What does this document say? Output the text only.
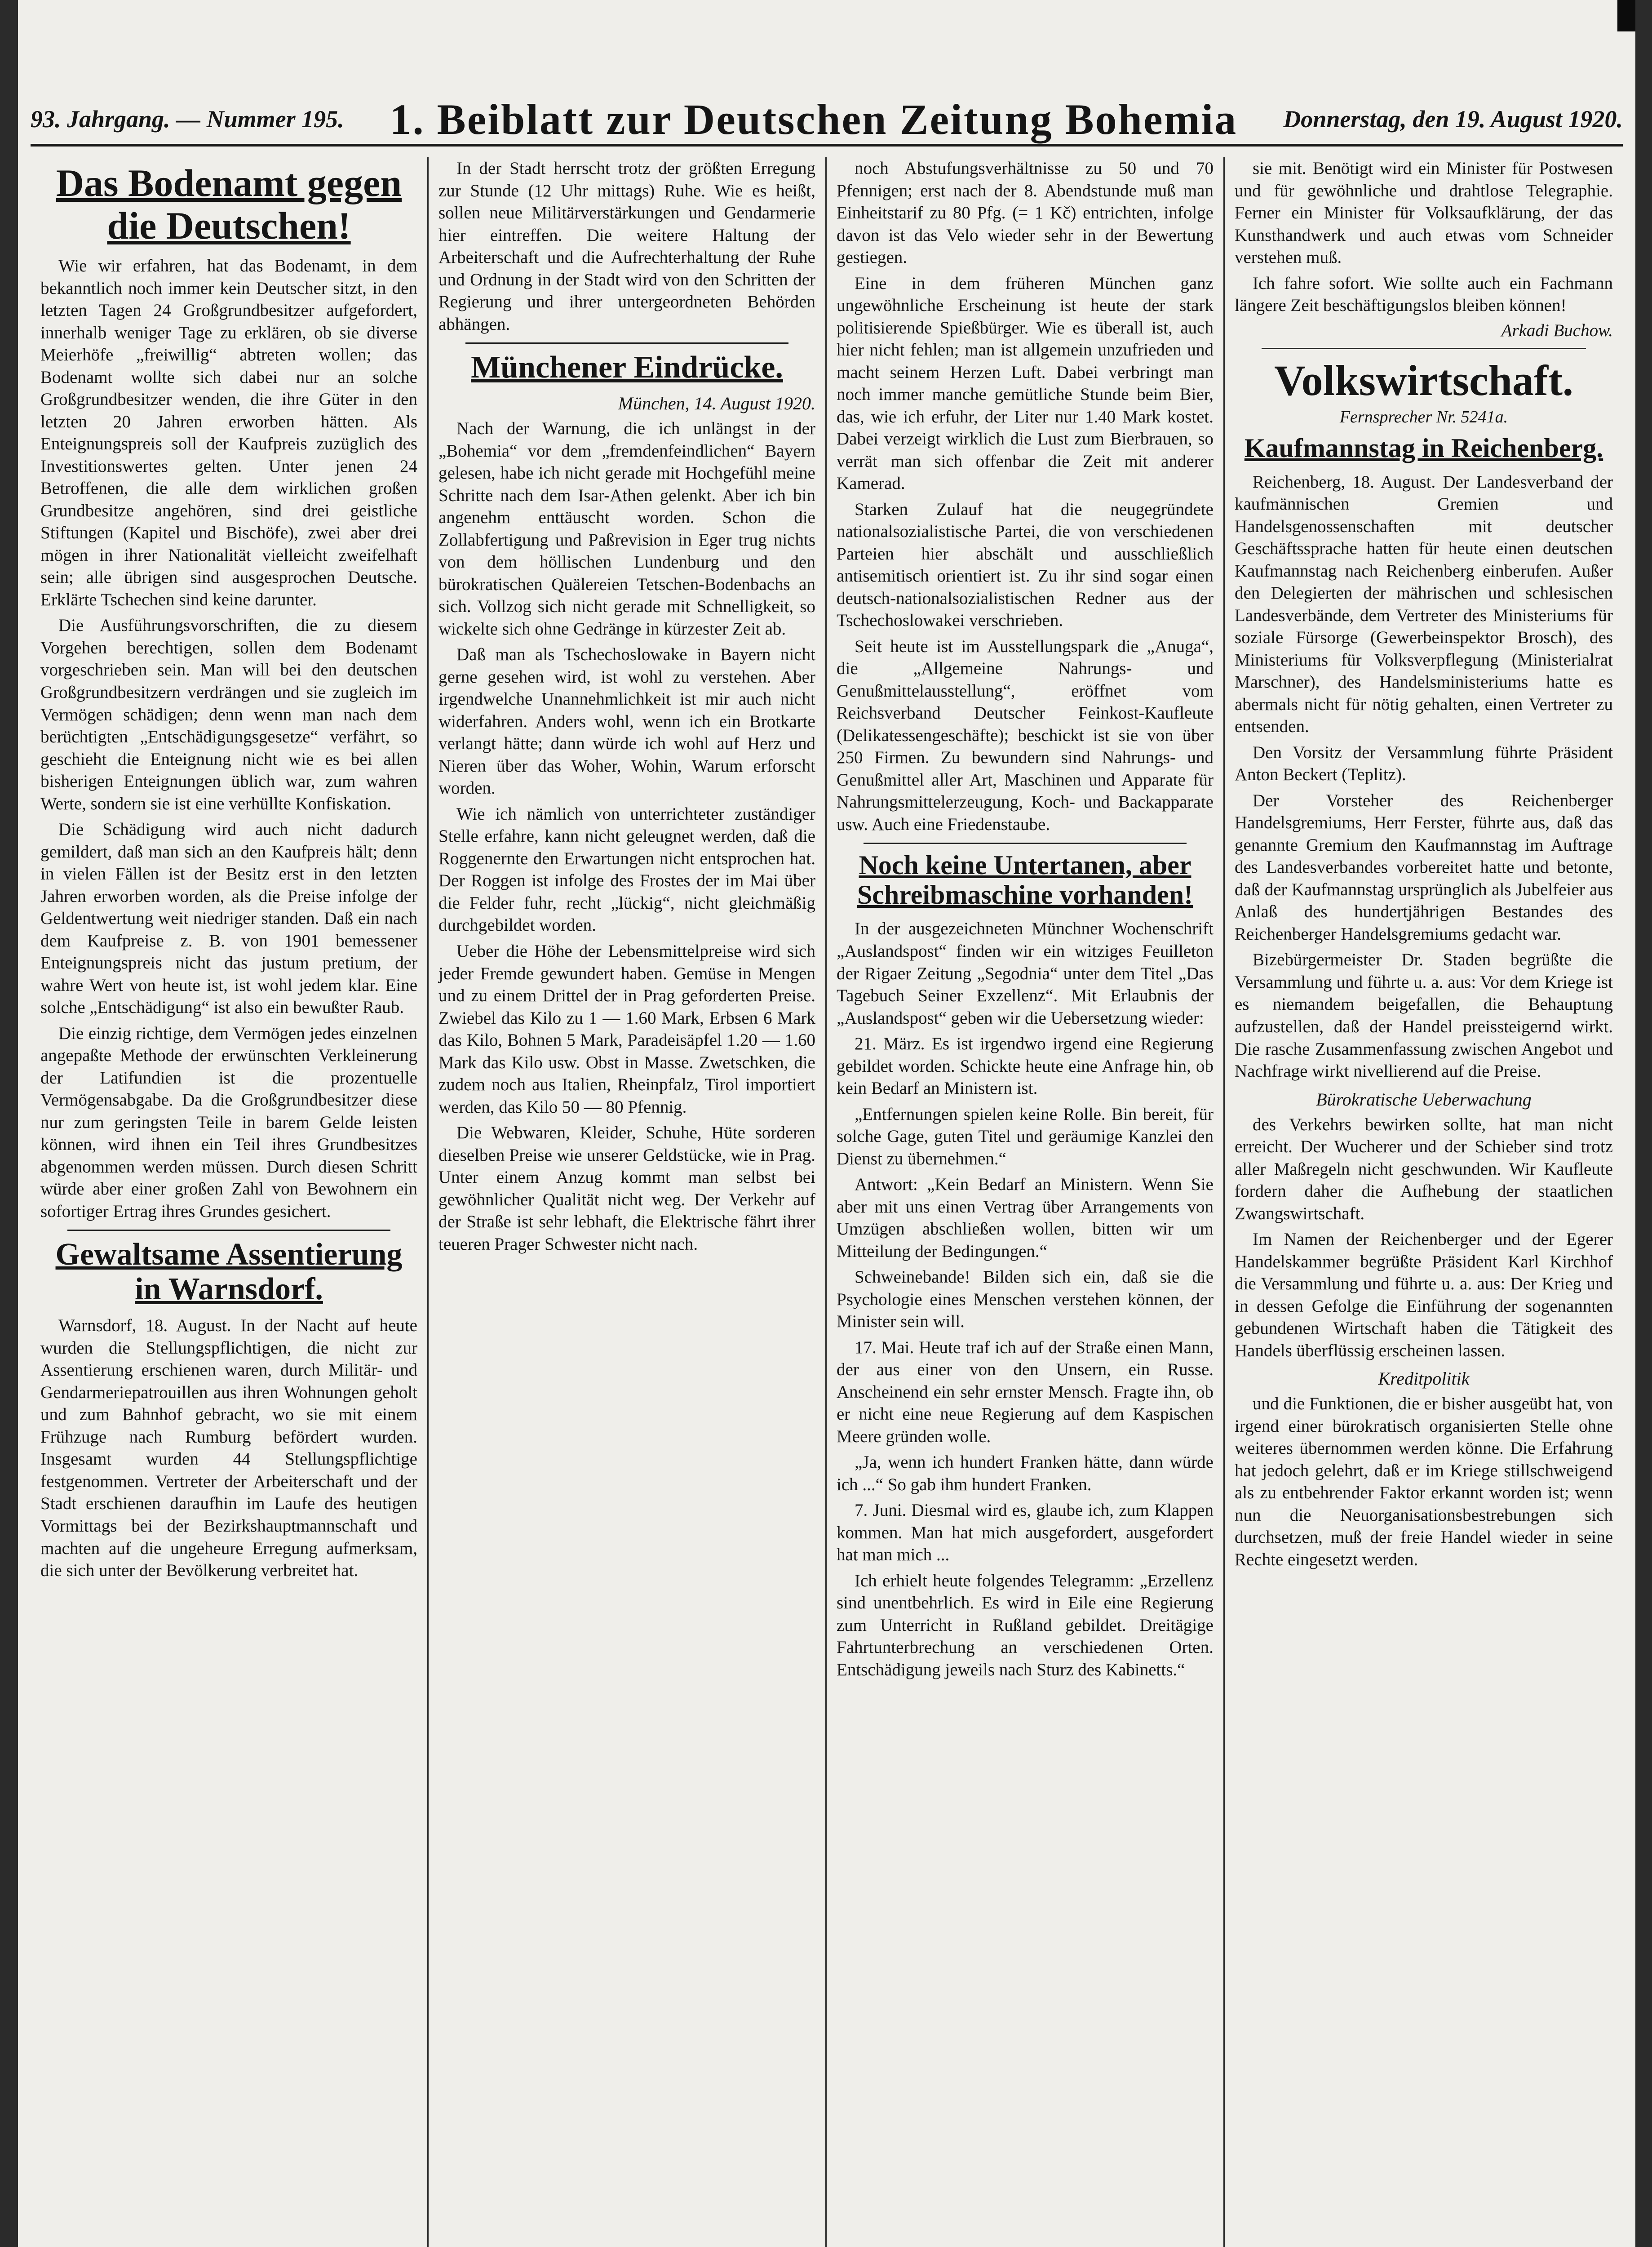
93. Jahrgang. — Nummer 195. 1. Beiblatt zur Deutschen Zeitung Bohemia Donnerstag, den 19. August 1920.
Das Bodenamt gegen die Deutschen!

Wie wir erfahren, hat das Bodenamt, in dem bekanntlich noch immer kein Deutscher sitzt, in den letzten Tagen 24 Großgrundbesitzer aufgefordert, innerhalb weniger Tage zu erklären, ob sie diverse Meierhöfe „freiwillig“ abtreten wollen; das Bodenamt wollte sich dabei nur an solche Großgrundbesitzer wenden, die ihre Güter in den letzten 20 Jahren erworben hätten. Als Enteignungspreis soll der Kaufpreis zuzüglich des Investitionswertes gelten. Unter jenen 24 Betroffenen, die alle dem wirklichen großen Grundbesitze angehören, sind drei geistliche Stiftungen (Kapitel und Bischöfe), zwei aber drei mögen in ihrer Nationalität vielleicht zweifelhaft sein; alle übrigen sind ausgesprochen Deutsche. Erklärte Tschechen sind keine darunter.

Die Ausführungsvorschriften, die zu diesem Vorgehen berechtigen, sollen dem Bodenamt vorgeschrieben sein. Man will bei den deutschen Großgrundbesitzern verdrängen und sie zugleich im Vermögen schädigen; denn wenn man nach dem berüchtigten „Entschädigungsgesetze“ verfährt, so geschieht die Enteignung nicht wie es bei allen bisherigen Enteignungen üblich war, zum wahren Werte, sondern sie ist eine verhüllte Konfiskation.

Die Schädigung wird auch nicht dadurch gemildert, daß man sich an den Kaufpreis hält; denn in vielen Fällen ist der Besitz erst in den letzten Jahren erworben worden, als die Preise infolge der Geldentwertung weit niedriger standen. Daß ein nach dem Kaufpreise z. B. von 1901 bemessener Enteignungspreis nicht das justum pretium, der wahre Wert von heute ist, ist wohl jedem klar. Eine solche „Entschädigung“ ist also ein bewußter Raub.

Die einzig richtige, dem Vermögen jedes einzelnen angepaßte Methode der erwünschten Verkleinerung der Latifundien ist die prozentuelle Vermögensabgabe. Da die Großgrundbesitzer diese nur zum geringsten Teile in barem Gelde leisten können, wird ihnen ein Teil ihres Grundbesitzes abgenommen werden müssen. Durch diesen Schritt würde aber einer großen Zahl von Bewohnern ein sofortiger Ertrag ihres Grundes gesichert.

Gewaltsame Assentierung in Warnsdorf.

Warnsdorf, 18. August. In der Nacht auf heute wurden die Stellungspflichtigen, die nicht zur Assentierung erschienen waren, durch Militär- und Gendarmeriepatrouillen aus ihren Wohnungen geholt und zum Bahnhof gebracht, wo sie mit einem Frühzuge nach Rumburg befördert wurden. Insgesamt wurden 44 Stellungspflichtige festgenommen. Vertreter der Arbeiterschaft und der Stadt erschienen daraufhin im Laufe des heutigen Vormittags bei der Bezirkshauptmannschaft und machten auf die ungeheure Erregung aufmerksam, die sich unter der Bevölkerung verbreitet hat.

In der Stadt herrscht trotz der größten Erregung zur Stunde (12 Uhr mittags) Ruhe. Wie es heißt, sollen neue Militärverstärkungen und Gendarmerie hier eintreffen. Die weitere Haltung der Arbeiterschaft und die Aufrechterhaltung der Ruhe und Ordnung in der Stadt wird von den Schritten der Regierung und ihrer untergeordneten Behörden abhängen.

Münchener Eindrücke.
München, 14. August 1920.

Nach der Warnung, die ich unlängst in der „Bohemia“ vor dem „fremdenfeindlichen“ Bayern gelesen, habe ich nicht gerade mit Hochgefühl meine Schritte nach dem Isar-Athen gelenkt. Aber ich bin angenehm enttäuscht worden. Schon die Zollabfertigung und Paßrevision in Eger trug nichts von dem höllischen Lundenburg und den bürokratischen Quälereien Tetschen-Bodenbachs an sich. Vollzog sich nicht gerade mit Schnelligkeit, so wickelte sich ohne Gedränge in kürzester Zeit ab.

Daß man als Tschechoslowake in Bayern nicht gerne gesehen wird, ist wohl zu verstehen. Aber irgendwelche Unannehmlichkeit ist mir auch nicht widerfahren. Anders wohl, wenn ich ein Brotkarte verlangt hätte; dann würde ich wohl auf Herz und Nieren über das Woher, Wohin, Warum erforscht worden.

Wie ich nämlich von unterrichteter zuständiger Stelle erfahre, kann nicht geleugnet werden, daß die Roggenernte den Erwartungen nicht entsprochen hat. Der Roggen ist infolge des Frostes der im Mai über die Felder fuhr, recht „lückig“, nicht gleichmäßig durchgebildet worden.

Ueber die Höhe der Lebensmittelpreise wird sich jeder Fremde gewundert haben. Gemüse in Mengen und zu einem Drittel der in Prag geforderten Preise. Zwiebel das Kilo zu 1 — 1.60 Mark, Erbsen 6 Mark das Kilo, Bohnen 5 Mark, Paradeisäpfel 1.20 — 1.60 Mark das Kilo usw. Obst in Masse. Zwetschken, die zudem noch aus Italien, Rheinpfalz, Tirol importiert werden, das Kilo 50 — 80 Pfennig.

Die Webwaren, Kleider, Schuhe, Hüte sorderen dieselben Preise wie unserer Geldstücke, wie in Prag. Unter einem Anzug kommt man selbst bei gewöhnlicher Qualität nicht weg. Der Verkehr auf der Straße ist sehr lebhaft, die Elektrische fährt ihrer teueren Prager Schwester nicht nach.

noch Abstufungsverhältnisse zu 50 und 70 Pfennigen; erst nach der 8. Abendstunde muß man Einheitstarif zu 80 Pfg. (= 1 Kč) entrichten, infolge davon ist das Velo wieder sehr in der Bewertung gestiegen.

Eine in dem früheren München ganz ungewöhnliche Erscheinung ist heute der stark politisierende Spießbürger. Wie es überall ist, auch hier nicht fehlen; man ist allgemein unzufrieden und macht seinem Herzen Luft. Dabei verbringt man noch immer manche gemütliche Stunde beim Bier, das, wie ich erfuhr, der Liter nur 1.40 Mark kostet. Dabei verzeigt wirklich die Lust zum Bierbrauen, so verrät man sich offenbar die Zeit mit anderer Kamerad.

Starken Zulauf hat die neugegründete nationalsozialistische Partei, die von verschiedenen Parteien hier abschält und ausschließlich antisemitisch orientiert ist. Zu ihr sind sogar einen deutsch-nationalsozialistischen Redner aus der Tschechoslowakei verschrieben.

Seit heute ist im Ausstellungspark die „Anuga“, die „Allgemeine Nahrungs- und Genußmittelausstellung“, eröffnet vom Reichsverband Deutscher Feinkost-Kaufleute (Delikatessengeschäfte); beschickt ist sie von über 250 Firmen. Zu bewundern sind Nahrungs- und Genußmittel aller Art, Maschinen und Apparate für Nahrungsmittelerzeugung, Koch- und Backapparate usw. Auch eine Friedenstaube.

Noch keine Untertanen, aber Schreibmaschine vorhanden!

In der ausgezeichneten Münchner Wochenschrift „Auslandspost“ finden wir ein witziges Feuilleton der Rigaer Zeitung „Segodnia“ unter dem Titel „Das Tagebuch Seiner Exzellenz“. Mit Erlaubnis der „Auslandspost“ geben wir die Uebersetzung wieder:

21. März. Es ist irgendwo irgend eine Regierung gebildet worden. Schickte heute eine Anfrage hin, ob kein Bedarf an Ministern ist.

„Entfernungen spielen keine Rolle. Bin bereit, für solche Gage, guten Titel und geräumige Kanzlei den Dienst zu übernehmen.“

Antwort: „Kein Bedarf an Ministern. Wenn Sie aber mit uns einen Vertrag über Arrangements von Umzügen abschließen wollen, bitten wir um Mitteilung der Bedingungen.“

Schweinebande! Bilden sich ein, daß sie die Psychologie eines Menschen verstehen können, der Minister sein will.

17. Mai. Heute traf ich auf der Straße einen Mann, der aus einer von den Unsern, ein Russe. Anscheinend ein sehr ernster Mensch. Fragte ihn, ob er nicht eine neue Regierung auf dem Kaspischen Meere gründen wolle.

„Ja, wenn ich hundert Franken hätte, dann würde ich ...“ So gab ihm hundert Franken.

7. Juni. Diesmal wird es, glaube ich, zum Klappen kommen. Man hat mich ausgefordert, ausgefordert hat man mich ...

Ich erhielt heute folgendes Telegramm: „Erzellenz sind unentbehrlich. Es wird in Eile eine Regierung zum Unterricht in Rußland gebildet. Dreitägige Fahrtunterbrechung an verschiedenen Orten. Entschädigung jeweils nach Sturz des Kabinetts.“

sie mit. Benötigt wird ein Minister für Postwesen und für gewöhnliche und drahtlose Telegraphie. Ferner ein Minister für Volksaufklärung, der das Kunsthandwerk und auch etwas vom Schneider verstehen muß.

Ich fahre sofort. Wie sollte auch ein Fachmann längere Zeit beschäftigungslos bleiben können!

Arkadi Buchow.
Volkswirtschaft.
Fernsprecher Nr. 5241a.
Kaufmannstag in Reichenberg.

Reichenberg, 18. August. Der Landesverband der kaufmännischen Gremien und Handelsgenossenschaften mit deutscher Geschäftssprache hatten für heute einen deutschen Kaufmannstag nach Reichenberg einberufen. Außer den Delegierten der mährischen und schlesischen Landesverbände, dem Vertreter des Ministeriums für soziale Fürsorge (Gewerbeinspektor Brosch), des Ministeriums für Volksverpflegung (Ministerialrat Marschner), des Handelsministeriums hatte es abermals nicht für nötig gehalten, einen Vertreter zu entsenden.

Den Vorsitz der Versammlung führte Präsident Anton Beckert (Teplitz).

Der Vorsteher des Reichenberger Handelsgremiums, Herr Ferster, führte aus, daß das genannte Gremium den Kaufmannstag im Auftrage des Landesverbandes vorbereitet hatte und betonte, daß der Kaufmannstag ursprünglich als Jubelfeier aus Anlaß des hundertjährigen Bestandes des Reichenberger Handelsgremiums gedacht war.

Bizebürgermeister Dr. Staden begrüßte die Versammlung und führte u. a. aus: Vor dem Kriege ist es niemandem beigefallen, die Behauptung aufzustellen, daß der Handel preissteigernd wirkt. Die rasche Zusammenfassung zwischen Angebot und Nachfrage wirkt nivellierend auf die Preise.

Bürokratische Ueberwachung

des Verkehrs bewirken sollte, hat man nicht erreicht. Der Wucherer und der Schieber sind trotz aller Maßregeln nicht geschwunden. Wir Kaufleute fordern daher die Aufhebung der staatlichen Zwangswirtschaft.

Im Namen der Reichenberger und der Egerer Handelskammer begrüßte Präsident Karl Kirchhof die Versammlung und führte u. a. aus: Der Krieg und in dessen Gefolge die Einführung der sogenannten gebundenen Wirtschaft haben die Tätigkeit des Handels überflüssig erscheinen lassen.

Kreditpolitik

und die Funktionen, die er bisher ausgeübt hat, von irgend einer bürokratisch organisierten Stelle ohne weiteres übernommen werden könne. Die Erfahrung hat jedoch gelehrt, daß er im Kriege stillschweigend als zu entbehrender Faktor erkannt worden ist; wenn nun die Neuorganisationsbestrebungen sich durchsetzen, muß der freie Handel wieder in seine Rechte eingesetzt werden.
